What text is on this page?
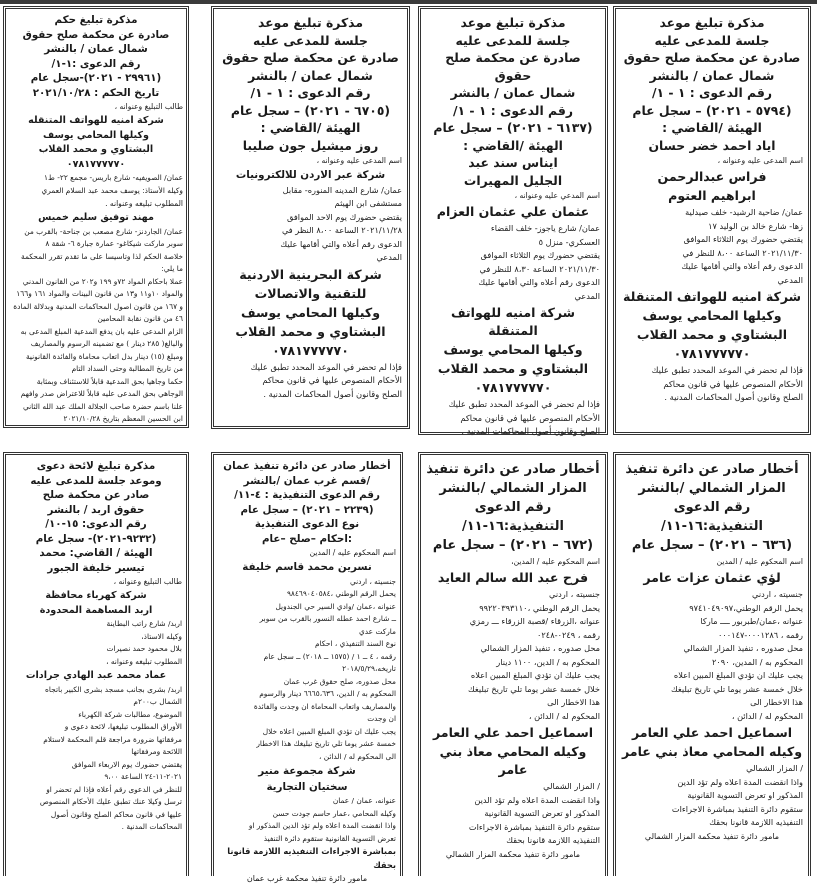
مذكرة تبليغ موعد
جلسة للمدعى عليه
صادرة عن محكمة صلح حقوق
شمال عمان / بالنشر
رقم الدعوى : ١ - ١/
(٥٧٩٤ - ٢٠٢١) – سجل عام
الهيئة /القاضي :
اياد احمد خضر حسان
اسم المدعى عليه وعنوانه ،
فراس عبدالرحمن
ابراهيم العتوم
عمان/ ضاحية الرشيد- خلف صيدلية
زها- شارع خالد بن الوليد ١٧
يقتضي حضورك يوم الثلاثاء الموافق
٢٠٢١/١١/٣٠ الساعة ٨،٠٠ للنظر في
الدعوى رقم أعلاه والتي أقامها عليك
المدعي
شركة امنيه للهواتف المتنقلة
وكيلها المحامي يوسف
البشتاوي و محمد القلاب
٠٧٨١٧٧٧٧٧٠
فإذا لم تحضر في الموعد المحدد تطبق عليك
الأحكام المنصوص عليها في قانون محاكم
الصلح وقانون أصول المحاكمات المدنية .
مذكرة تبليغ موعد
جلسة للمدعى عليه
صادرة عن محكمة صلح حقوق
شمال عمان / بالنشر
رقم الدعوى : ١ - ١/
(٦١٣٧ - ٢٠٢١) – سجل عام
الهيئة /القاضي :
ايناس سند عبد
الجليل المهيرات
اسم المدعي عليه وعنوانه ،
عثمان علي عثمان العزام
عمان/ شارع ياجوز- خلف القضاء
العسكري- منزل ٥
يقتضي حضورك يوم الثلاثاء الموافق
٢٠٢١/١١/٣٠ الساعة ٨،٣٠ للنظر في
الدعوى رقم أعلاه والتي أقامها عليك
المدعي
شركة امنيه للهواتف المتنقلة
وكيلها المحامي يوسف
البشتاوي و محمد القلاب
٠٧٨١٧٧٧٧٧٠
فإذا لم تحضر في الموعد المحدد تطبق عليك
الأحكام المنصوص عليها في قانون محاكم
الصلح وقانون أصول المحاكمات المدنية .
مذكرة تبليغ موعد
جلسة للمدعى عليه
صادرة عن محكمة صلح حقوق
شمال عمان / بالنشر
رقم الدعوى : ١ - ١/
(٦٧٠٥ - ٢٠٢١) – سجل عام
الهيئة /القاضي :
روز ميشيل جون صليبا
اسم المدعى عليه وعنوانه ،
شركة عبر الاردن للالكترونيات
عمان/ شارع المدينه المنوره- مقابل
مستشفى ابن الهيثم
يقتضي حضورك يوم الاحد الموافق
٢٠٢١/١١/٢٨ الساعة ٨،٠٠ النظر في
الدعوى رقم أعلاه والتي أقامها عليك
المدعي
شركة البحرينية الاردنية
للتقنية والاتصالات
وكيلها المحامي يوسف
البشتاوي و محمد القلاب
٠٧٨١٧٧٧٧٧٠
فإذا لم تحضر في الموعد المحدد تطبق عليك
الأحكام المنصوص عليها في قانون محاكم
الصلح وقانون أصول المحاكمات المدنية .
مذكرة تبليغ حكم
صادرة عن محكمة صلح حقوق
شمال عمان / بالنشر
رقم الدعوى :١-١/
(٢٩٩٦١ - ٢٠٢١)-سجل عام
تاريخ الحكم : ٢٠٢١/١٠/٢٨
طالب التبليغ وعنوانه ،
شركة امنيه للهواتف المتنقله
وكيلها المحامي يوسف
البشتاوي و محمد القلاب
٠٧٨١٧٧٧٧٧٠
عمان/ الصويفيه- شارع باريس- مجمع ٢٢- ط١
وكيله الأستاذ: يوسف محمد عبد السلام العمري
المطلوب تبليغه وعنوانه .
مهند توفيق سليم خميس
عمان/ الجاردنز- شارع مصعب بن جناحة- بالقرب من
سوبر ماركت شيكاغو- عمارة جبارة ٦- شقة ٨
خلاصة الحكم لذا وتاسيسا على ما تقدم تقرر المحكمة
ما يلي:
عملا باحكام المواد ٧٢و ١٩٩ و٢٠٢ من القانون المدني
والمواد ١٠و١١ و١٣ من قانون البينات والمواد ١٦١ و١٦٦
و ١٦٧ من قانون اصول المحاكمات المدنية وبدلالة المادة
٤٦ من قانون نقابة المحامين
الزام المدعى عليه بان يدفع المدعية المبلغ المدعى به
والبالغ( ٢٨٥ دينار ) مع تضمينه الرسوم والمصاريف
ومبلغ (١٥) دينار بدل اتعاب محاماة والفائدة القانونية
من تاريخ المطالبة وحتى السداد التام
حكما وجاهيا بحق المدعية قابلاً للاستئناف وبمثابة
الوجاهي بحق المدعى عليه قابلاً للاعتراض صدر وافهم
علنا باسم حضرة صاحب الجلالة الملك عبد الله الثاني
ابن الحسين المعظم بتاريخ ٢٠٢١/١٠/٢٨
أخطار صادر عن دائرة تنفيذ
المزار الشمالي /بالنشر
رقم الدعوى التنفيذية:١٦-١١/
(٦٣٦ – ٢٠٢١) – سجل عام
اسم المحكوم عليه / المدين
لؤي عثمان عزات عامر
جنسيته ، اردني
يحمل الرقم الوطني،٩٧٤١٠٤٩٠٩٧
عنوانه ،عمان/طبربور ــــ ماركا
رقمه ، ٠٠٠١٢٨٦-٠٠٠١٤٧
محل صدوره ، تنفيذ المزار الشمالي
المحكوم به / المدين، ٢٠٩٠
يجب عليك ان تؤدي المبلغ المبين اعلاه
خلال خمسة عشر يوما تلي تاريخ تبليغك
هذا الاخطار الى
المحكوم له / الدائن ،
اسماعيل احمد علي العامر
وكيله المحامي معاذ بني عامر
/ المزار الشمالي
واذا انقضت المدة اعلاه ولم تؤد الدين
المذكور او تعرض التسوية القانونية
ستقوم دائرة التنفيذ بمباشرة الاجراءات
التنفيذيه اللازمة قانونا بحقك
مامور دائرة تنفيذ محكمة المزار الشمالي
أخطار صادر عن دائرة تنفيذ
المزار الشمالي /بالنشر
رقم الدعوى التنفيذية:١٦-١١/
(٦٧٢ – ٢٠٢١) – سجل عام
اسم المحكوم عليه / المدين،
فرح عبد الله سالم العايد
جنسيته ، اردني
يحمل الرقم الوطني ،٩٩٢٢٠٣٩٣١١٠
عنوانه ،الزرقاء /قصبة الزرقاء ـــ رمزي
رقمه ، ٠٢٤٩-٠٢٤٨
محل صدوره ، تنفيذ المزار الشمالي
المحكوم به / الدين، ١١٠٠ دينار
يجب عليك ان تؤدي المبلغ المبين اعلاه
خلال خمسة عشر يوما تلي تاريخ تبليغك
هذا الاخطار الى
المحكوم له / الدائن ،
اسماعيل احمد علي العامر
وكيله المحامي معاذ بني عامر
/ المزار الشمالي
واذا انقضت المدة اعلاه ولم تؤد الدين
المذكور او تعرض التسوية القانونية
ستقوم دائرة التنفيذ بمباشرة الاجراءات
التنفيذيه اللازمة قانونا بحقك
مامور دائرة تنفيذ محكمة المزار الشمالي
أخطار صادر عن دائرة تنفيذ عمان
/قسم غرب عمان /بالنشر
رقم الدعوى التنفيذية : ٤-١١/
(٢٢٣٩ – ٢٠٢١) – سجل عام
نوع الدعوى التنفيذية
:احكام –صلح –عام
اسم المحكوم عليه / المدين
نسرين محمد قاسم خليفة
جنسيته ، اردني
يحمل الرقم الوطني ،٩٨٤٦٩٠٤٠٥٨٤
عنوانه ،عمان /وادي السير حي الجندويل
ــ شارع احمد عطله النسور بالقرب من سوبر
ماركت عدي
نوع السند التنفيذي ، احكام
رقمه ، ٤ ــ ١ / (١٥٧٥ ــ ٢٠١٨) ــ سجل عام
تاريخه،٢٠١٨/٥/٢٩
محل صدوره، صلح حقوق غرب عمان
المحكوم به / الدين، ٦٦٦٥،٦٣٦ دينار والرسوم
والمصاريف واتعاب المحاماة ان وجدت والفائدة
ان وجدت
يجب عليك ان تؤدي المبلغ المبين اعلاه خلال
خمسة عشر يوما تلي تاريخ تبليغك هذا الاخطار
الى المحكوم له / الدائن ،
شركة مجموعة منير
سختيان التجارية
عنوانه، عمان / عمان
وكيله المحامي ،عمار حاسم جودت حسن
واذا انقضت المدة اعلاه ولم تؤد الدين المذكور او
تعرض التسوية القانونية ستقوم دائرة التنفيذ
بمباشرة الاجراءات التنفيذيه اللازمة قانونا بحقك
مامور دائرة تنفيذ محكمة غرب عمان
مذكرة تبليغ لائحة دعوى
وموعد جلسة للمدعى عليه
صادر عن محكمة صلح
حقوق اربد / بالنشر
رقم الدعوى: ١٥-١٠/
(٩٢٣٢-٢٠٢١)- سجل عام
الهيئة / القاضي: محمد
تيسير خليفة الجبور
طالب التبليغ وعنوانه ،
شركة كهرباء محافظة
اربد المساهمة المحدودة
اربد/ شارع راتب البطاينة
وكيله الاستاذ،
بلال محمود حمد نصيرات
المطلوب تبليغه وعنوانه ،
عماد محمد عبد الهادي جرادات
اربد/ بشرى بجانب مسجد بشرى الكبير باتجاه
الشمال ب٢٠٠م
الموضوع، مطالبات شركة الكهرباء
الأوراق المطلوب تبليغها، لائحة دعوى و
مرفقاتها ضرورة مراجعة قلم المحكمة لاستلام
اللائحة ومرفقاتها
يقتضي حضورك يوم الاربعاء الموافق
٢٠٢١-١١-٢٤ الساعة ٩،٠٠
للنظر في الدعوى رقم أعلاه فإذا لم تحضر او
ترسل وكيلا عنك تطبق عليك الأحكام المنصوص
عليها في قانون محاكم الصلح وقانون أصول
المحاكمات المدنية .
